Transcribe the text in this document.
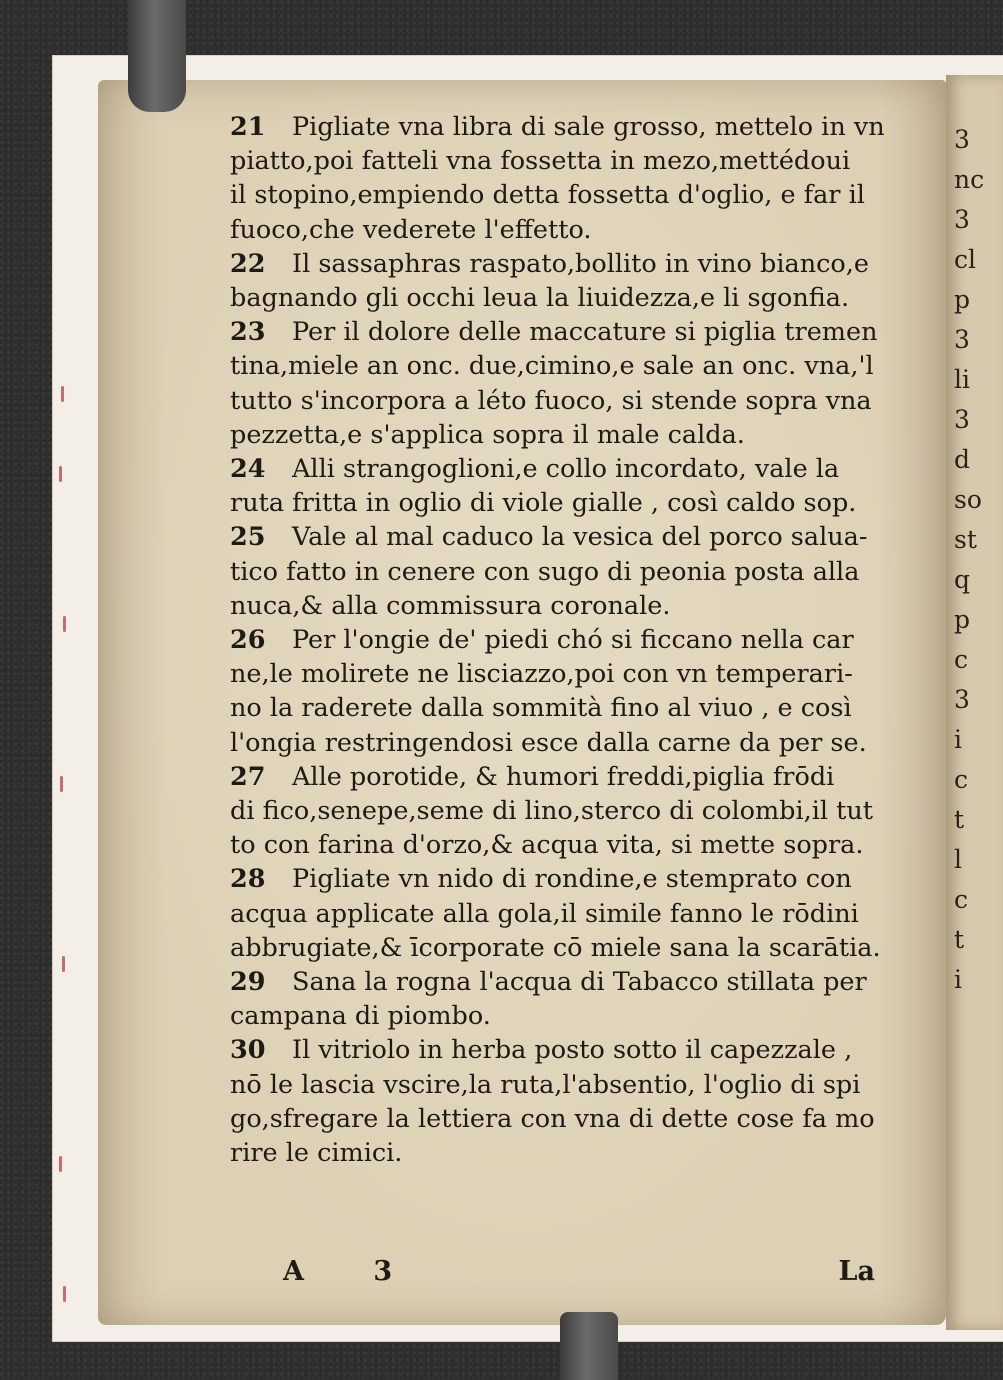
3
nc
3
cl
p
3
li
3
d
so
st
q
p
c
3
i
c
t
l
c
t
i
21 Pigliate vna libra di sale grosso, mettelo in vn
piatto,poi fatteli vna fossetta in mezo,mettédoui
il stopino,empiendo detta fossetta d'oglio, e far il
fuoco,che vederete l'effetto.
22 Il sassaphras raspato,bollito in vino bianco,e
bagnando gli occhi leua la liuidezza,e li sgonfia.
23 Per il dolore delle maccature si piglia tremen
tina,miele an onc. due,cimino,e sale an onc. vna,'l
tutto s'incorpora a léto fuoco, si stende sopra vna
pezzetta,e s'applica sopra il male calda.
24 Alli strangoglioni,e collo incordato, vale la
ruta fritta in oglio di viole gialle , così caldo sop.
25 Vale al mal caduco la vesica del porco salua-
tico fatto in cenere con sugo di peonia posta alla
nuca,& alla commissura coronale.
26 Per l'ongie de' piedi chó si ficcano nella car
ne,le molirete ne lisciazzo,poi con vn temperari-
no la raderete dalla sommità fino al viuo , e così
l'ongia restringendosi esce dalla carne da per se.
27 Alle porotide, & humori freddi,piglia frōdi
di fico,senepe,seme di lino,sterco di colombi,il tut
to con farina d'orzo,& acqua vita, si mette sopra.
28 Pigliate vn nido di rondine,e stemprato con
acqua applicate alla gola,il simile fanno le rōdini
abbrugiate,& īcorporate cō miele sana la scarātia.
29 Sana la rogna l'acqua di Tabacco stillata per
campana di piombo.
30 Il vitriolo in herba posto sotto il capezzale ,
nō le lascia vscire,la ruta,l'absentio, l'oglio di spi
go,sfregare la lettiera con vna di dette cose fa mo
rire le cimici.
A 3	La
